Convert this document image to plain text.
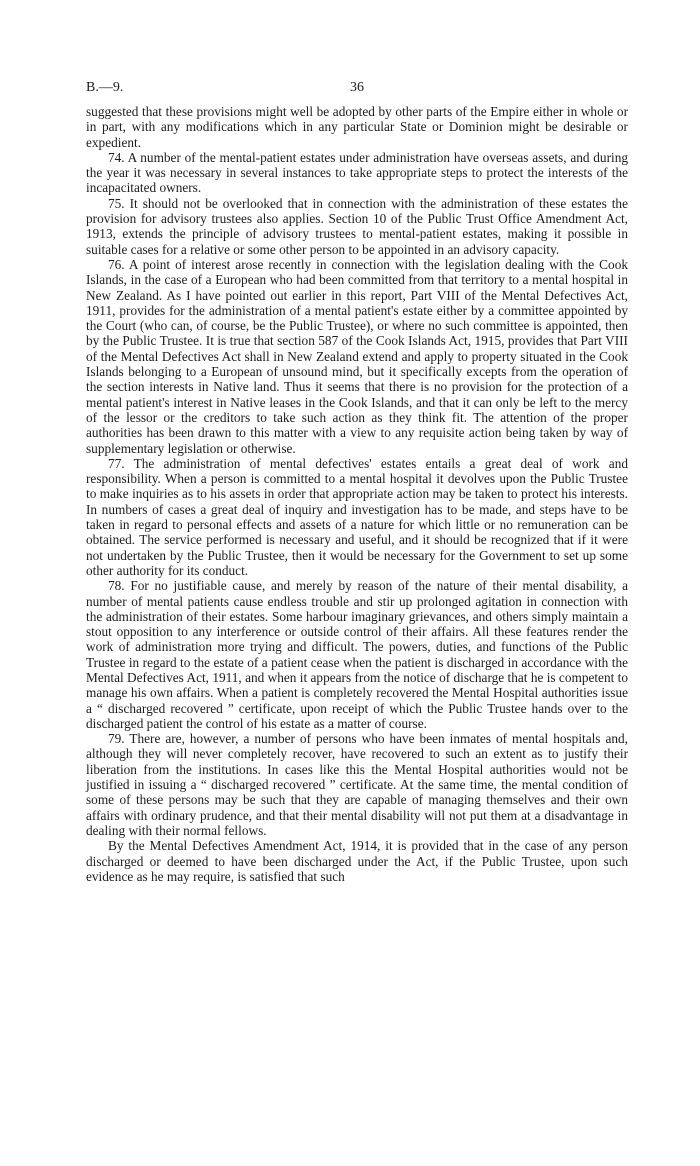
B.—9.	36

suggested that these provisions might well be adopted by other parts of the Empire either in whole or in part, with any modifications which in any particular State or Dominion might be desirable or expedient.

74. A number of the mental-patient estates under administration have overseas assets, and during the year it was necessary in several instances to take appropriate steps to protect the interests of the incapacitated owners.

75. It should not be overlooked that in connection with the administration of these estates the provision for advisory trustees also applies. Section 10 of the Public Trust Office Amendment Act, 1913, extends the principle of advisory trustees to mental-patient estates, making it possible in suitable cases for a relative or some other person to be appointed in an advisory capacity.

76. A point of interest arose recently in connection with the legislation dealing with the Cook Islands, in the case of a European who had been committed from that territory to a mental hospital in New Zealand. As I have pointed out earlier in this report, Part VIII of the Mental Defectives Act, 1911, provides for the administration of a mental patient's estate either by a committee appointed by the Court (who can, of course, be the Public Trustee), or where no such committee is appointed, then by the Public Trustee. It is true that section 587 of the Cook Islands Act, 1915, provides that Part VIII of the Mental Defectives Act shall in New Zealand extend and apply to property situated in the Cook Islands belonging to a European of unsound mind, but it specifically excepts from the operation of the section interests in Native land. Thus it seems that there is no provision for the protection of a mental patient's interest in Native leases in the Cook Islands, and that it can only be left to the mercy of the lessor or the creditors to take such action as they think fit. The attention of the proper authorities has been drawn to this matter with a view to any requisite action being taken by way of supplementary legislation or otherwise.

77. The administration of mental defectives' estates entails a great deal of work and responsibility. When a person is committed to a mental hospital it devolves upon the Public Trustee to make inquiries as to his assets in order that appropriate action may be taken to protect his interests. In numbers of cases a great deal of inquiry and investigation has to be made, and steps have to be taken in regard to personal effects and assets of a nature for which little or no remuneration can be obtained. The service performed is necessary and useful, and it should be recognized that if it were not undertaken by the Public Trustee, then it would be necessary for the Government to set up some other authority for its conduct.

78. For no justifiable cause, and merely by reason of the nature of their mental disability, a number of mental patients cause endless trouble and stir up prolonged agitation in connection with the administration of their estates. Some harbour imaginary grievances, and others simply maintain a stout opposition to any interference or outside control of their affairs. All these features render the work of administration more trying and difficult. The powers, duties, and functions of the Public Trustee in regard to the estate of a patient cease when the patient is discharged in accordance with the Mental Defectives Act, 1911, and when it appears from the notice of discharge that he is competent to manage his own affairs. When a patient is completely recovered the Mental Hospital authorities issue a “ discharged recovered ” certificate, upon receipt of which the Public Trustee hands over to the discharged patient the control of his estate as a matter of course.

79. There are, however, a number of persons who have been inmates of mental hospitals and, although they will never completely recover, have recovered to such an extent as to justify their liberation from the institutions. In cases like this the Mental Hospital authorities would not be justified in issuing a “ discharged recovered ” certificate. At the same time, the mental condition of some of these persons may be such that they are capable of managing themselves and their own affairs with ordinary prudence, and that their mental disability will not put them at a disadvantage in dealing with their normal fellows.

By the Mental Defectives Amendment Act, 1914, it is provided that in the case of any person discharged or deemed to have been discharged under the Act, if the Public Trustee, upon such evidence as he may require, is satisfied that such
